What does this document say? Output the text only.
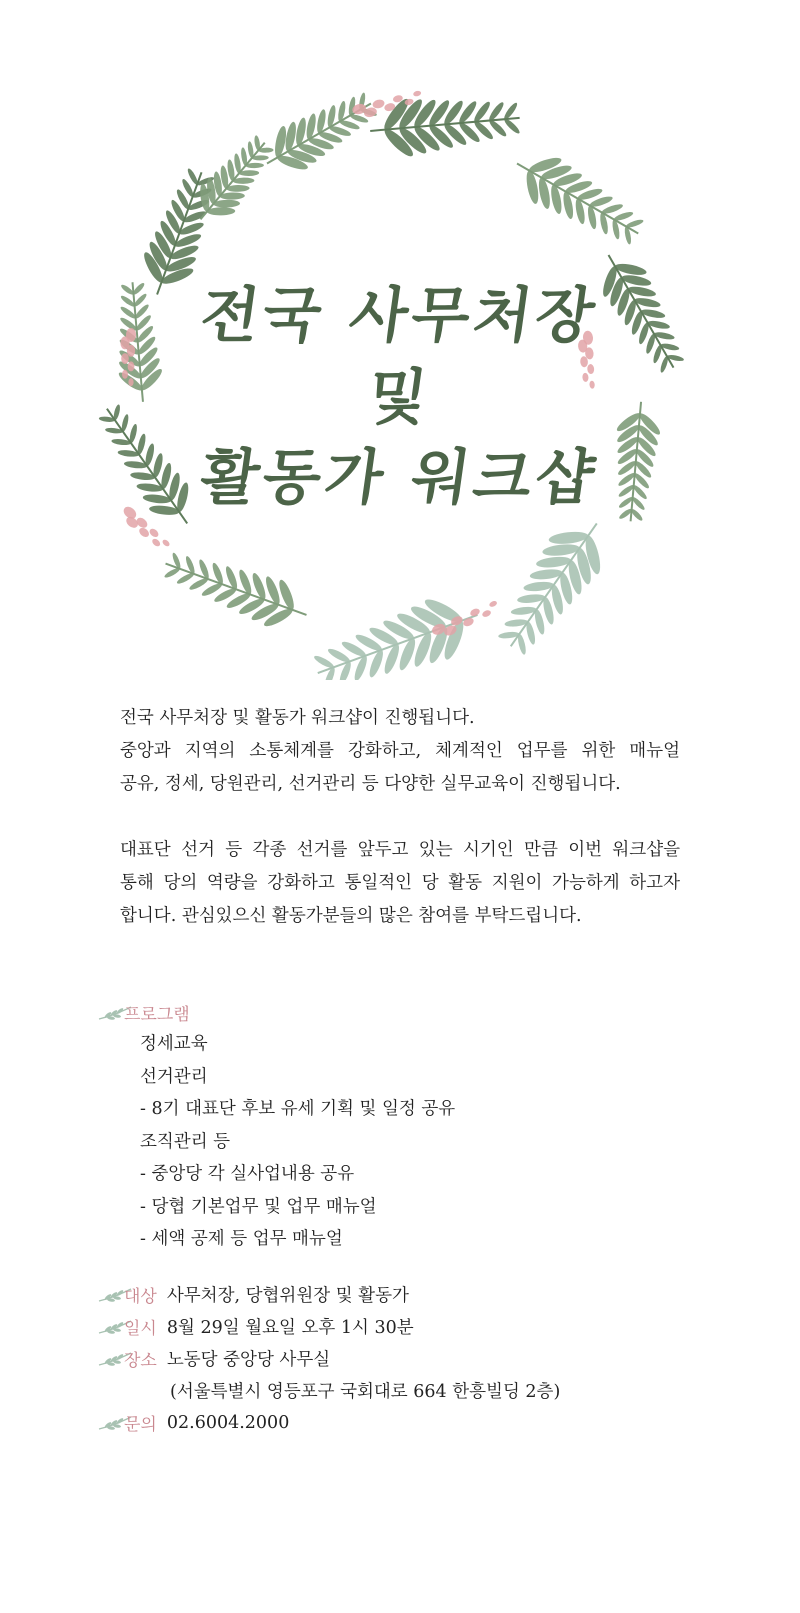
전국 사무처장
및
활동가 워크샵

전국 사무처장 및 활동가 워크샵이 진행됩니다.

중앙과 지역의 소통체계를 강화하고, 체계적인 업무를 위한 매뉴얼

공유, 정세, 당원관리, 선거관리 등 다양한 실무교육이 진행됩니다.

대표단 선거 등 각종 선거를 앞두고 있는 시기인 만큼 이번 워크샵을

통해 당의 역량을 강화하고 통일적인 당 활동 지원이 가능하게 하고자

합니다. 관심있으신 활동가분들의 많은 참여를 부탁드립니다.

프로그램
정세교육
선거관리
- 8기 대표단 후보 유세 기획 및 일정 공유
조직관리 등
- 중앙당 각 실사업내용 공유
- 당협 기본업무 및 업무 매뉴얼
- 세액 공제 등 업무 매뉴얼
대상 사무처장, 당협위원장 및 활동가
일시 8월 29일 월요일 오후 1시 30분
장소 노동당 중앙당 사무실
(서울특별시 영등포구 국회대로 664 한흥빌딩 2층)
문의 02.6004.2000
